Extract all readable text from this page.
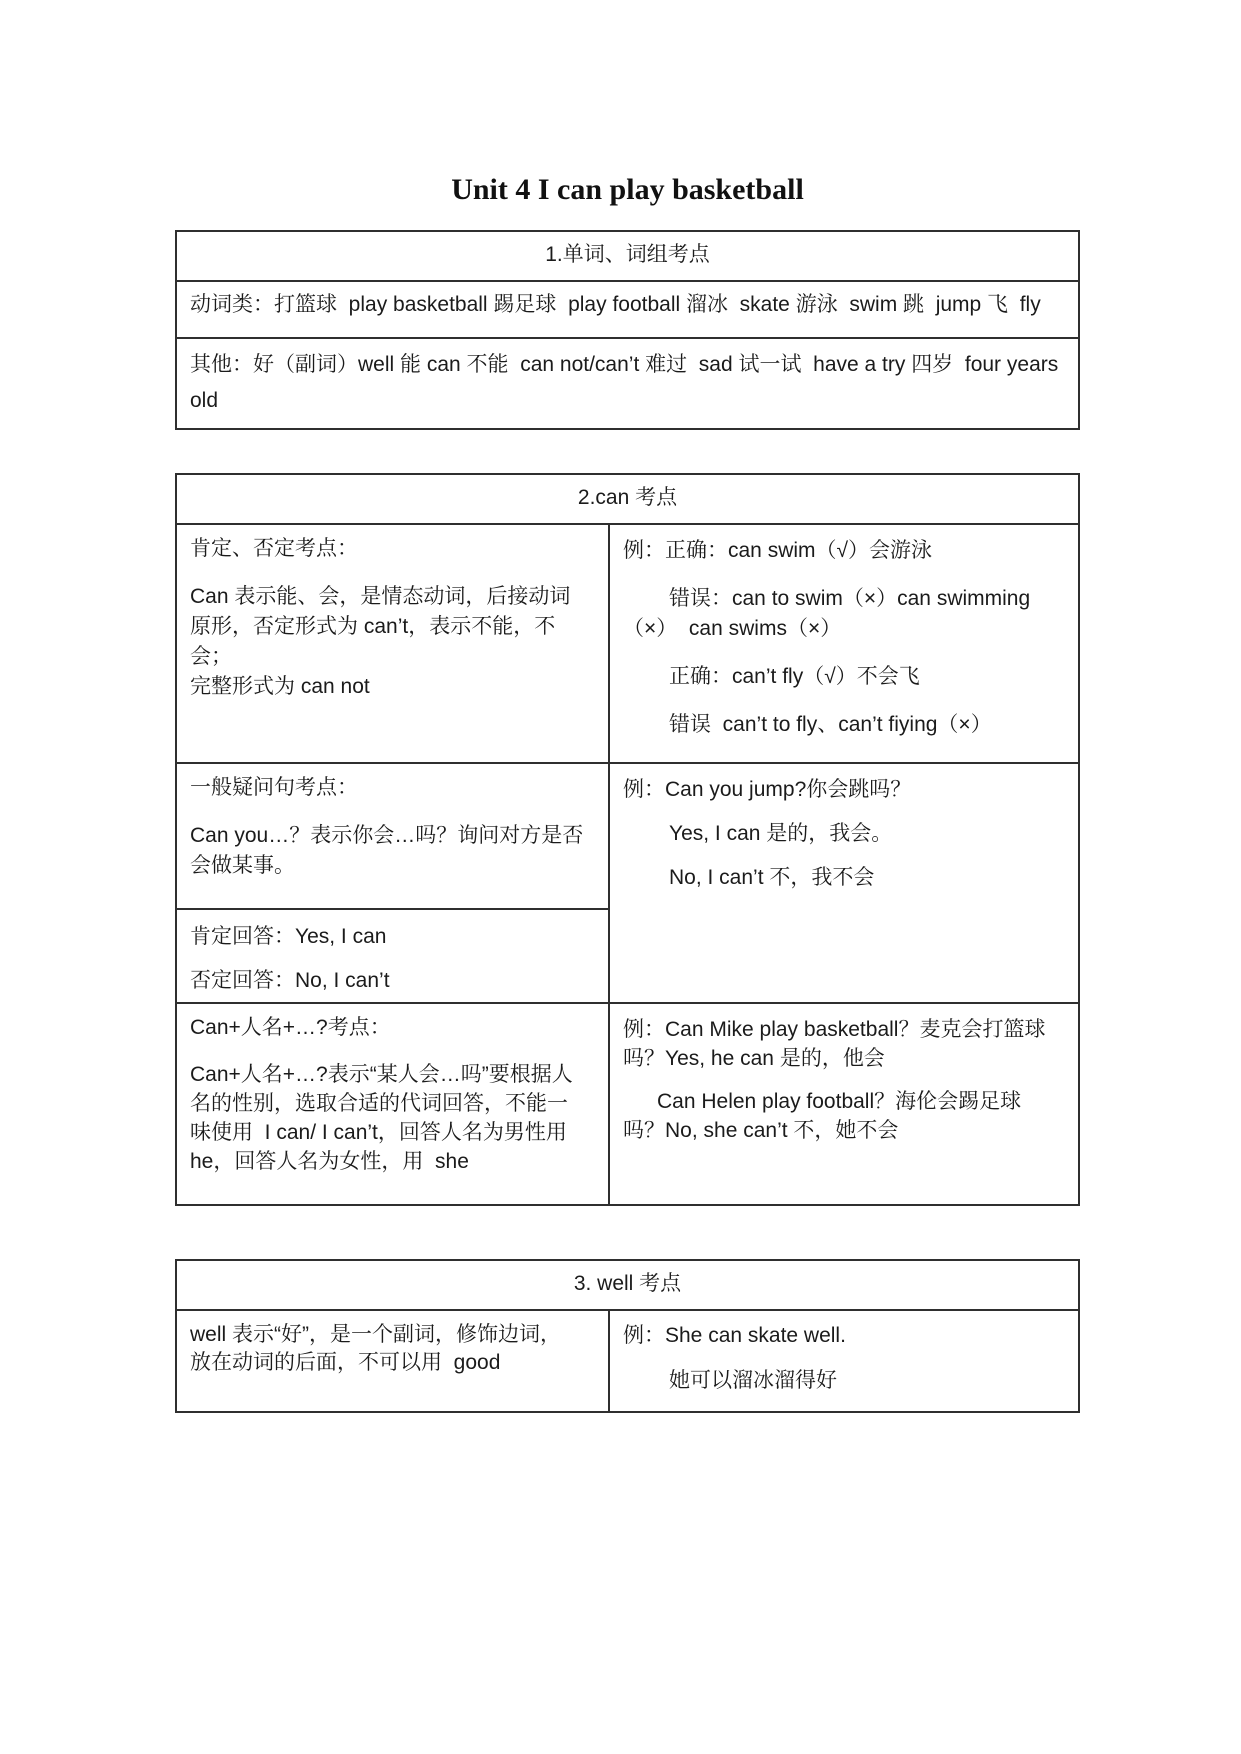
Unit 4 I can play basketball
1.单词、词组考点
动词类：打篮球  play basketball 踢足球  play football 溜冰  skate 游泳  swim 跳  jump 飞  fly
其他：好（副词）well 能 can 不能  can not/can’t 难过  sad 试一试  have a try 四岁  four years
old
2.can 考点
肯定、否定考点：
Can 表示能、会，是情态动词，后接动词
原形，否定形式为 can’t，表示不能，不会；
完整形式为 can not
例：正确：can swim（√）会游泳
错误：can to swim（×）can swimming
（×）  can swims（×）
正确：can’t fly（√）不会飞
错误  can’t to fly、can’t fiying（×）
一般疑问句考点：
Can you…？表示你会…吗？询问对方是否
会做某事。
肯定回答：Yes, I can
否定回答：No, I can’t
例：Can you jump?你会跳吗？
Yes, I can 是的，我会。
No, I can’t 不，我不会
Can+人名+…?考点：
Can+人名+…?表示“某人会…吗”要根据人
名的性别，选取合适的代词回答，不能一
味使用  I can/ I can’t，回答人名为男性用
he，回答人名为女性，用  she
例：Can Mike play basketball？麦克会打篮球
吗？Yes, he can 是的，他会
Can Helen play football？海伦会踢足球
吗？No, she can’t 不，她不会
3. well 考点
well 表示“好”，是一个副词，修饰边词，
放在动词的后面，不可以用  good
例：She can skate well.
她可以溜冰溜得好
